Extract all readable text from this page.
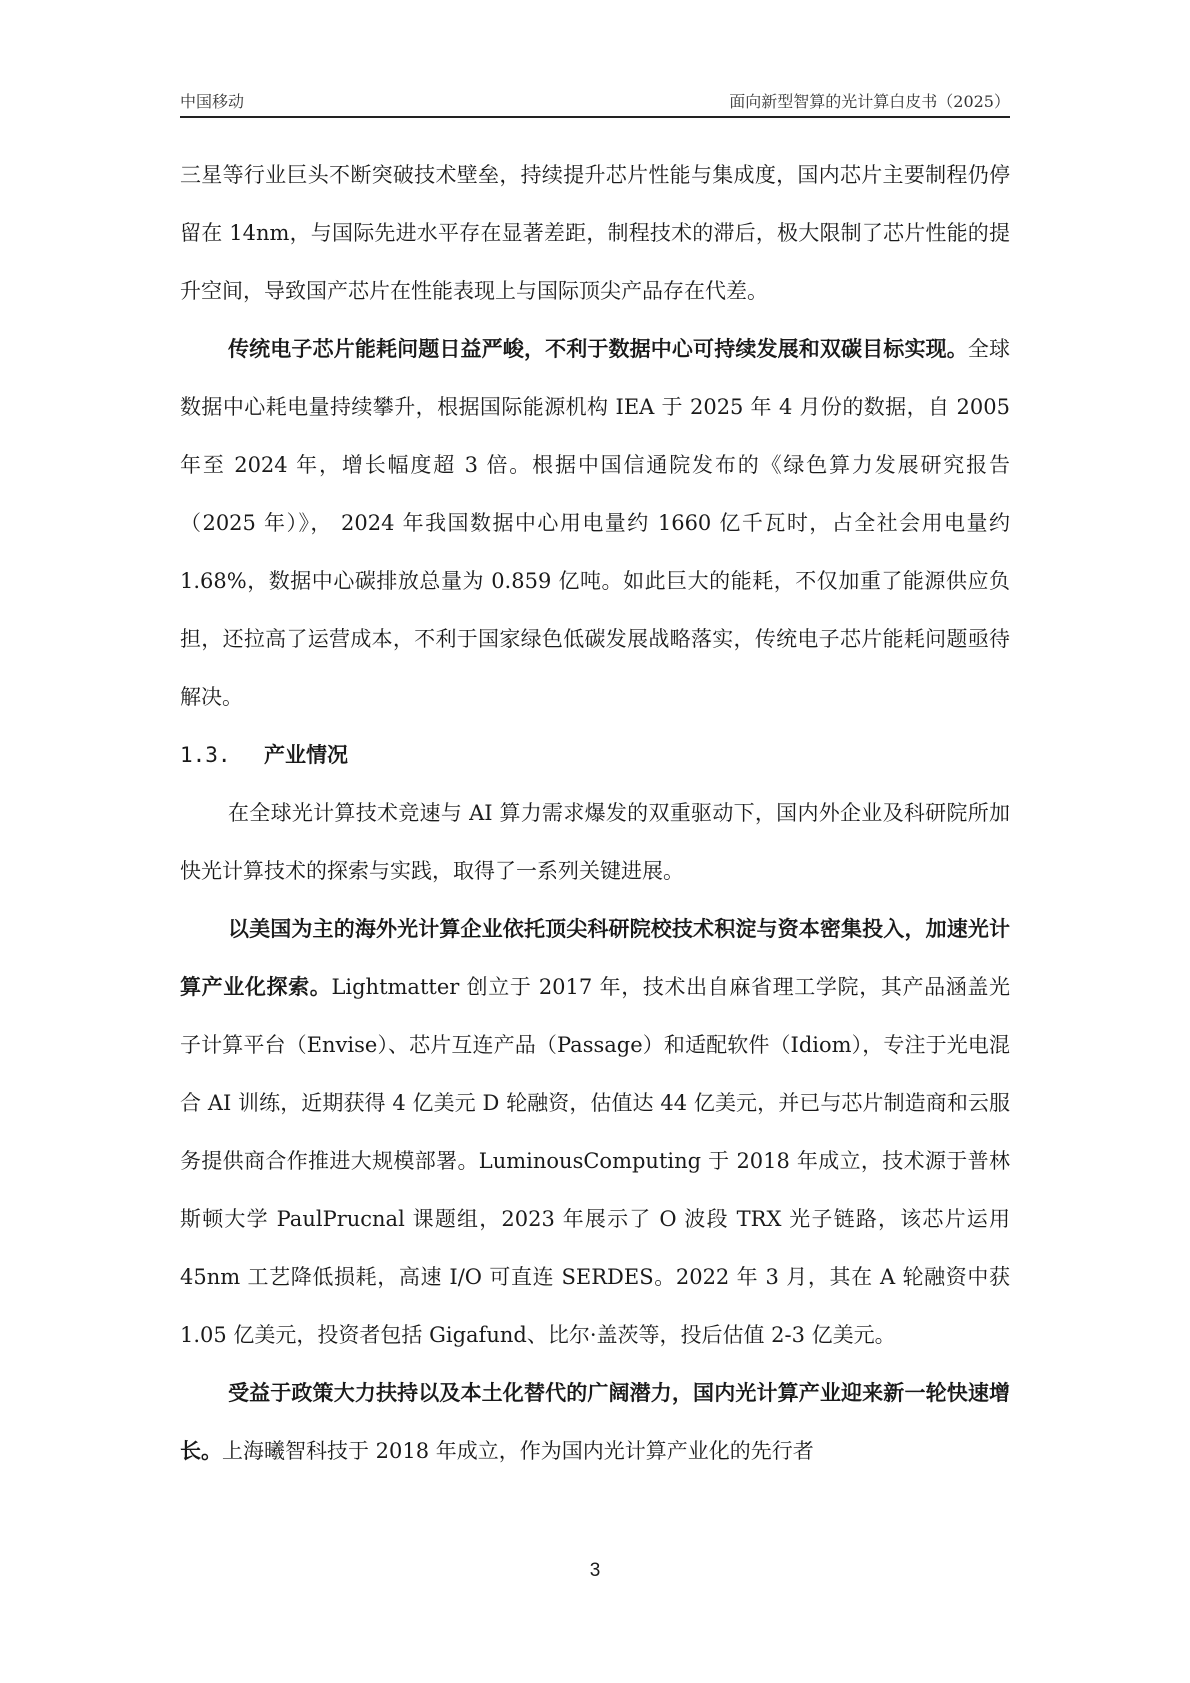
中国移动	面向新型智算的光计算白皮书（2025）

三星等行业巨头不断突破技术壁垒，持续提升芯片性能与集成度，国内芯片主要制程仍停留在 14nm，与国际先进水平存在显著差距，制程技术的滞后，极大限制了芯片性能的提升空间，导致国产芯片在性能表现上与国际顶尖产品存在代差。

传统电子芯片能耗问题日益严峻，不利于数据中心可持续发展和双碳目标实现。全球数据中心耗电量持续攀升，根据国际能源机构 IEA 于 2025 年 4 月份的数据，自 2005 年至 2024 年，增长幅度超 3 倍。根据中国信通院发布的《绿色算力发展研究报告（2025 年）》， 2024 年我国数据中心用电量约 1660 亿千瓦时，占全社会用电量约 1.68%，数据中心碳排放总量为 0.859 亿吨。如此巨大的能耗，不仅加重了能源供应负担，还拉高了运营成本，不利于国家绿色低碳发展战略落实，传统电子芯片能耗问题亟待解决。

1.3.	产业情况

在全球光计算技术竞速与 AI 算力需求爆发的双重驱动下，国内外企业及科研院所加快光计算技术的探索与实践，取得了一系列关键进展。

以美国为主的海外光计算企业依托顶尖科研院校技术积淀与资本密集投入，加速光计算产业化探索。Lightmatter 创立于 2017 年，技术出自麻省理工学院，其产品涵盖光子计算平台（Envise）、芯片互连产品（Passage）和适配软件（Idiom），专注于光电混合 AI 训练，近期获得 4 亿美元 D 轮融资，估值达 44 亿美元，并已与芯片制造商和云服务提供商合作推进大规模部署。LuminousComputing 于 2018 年成立，技术源于普林斯顿大学 PaulPrucnal 课题组，2023 年展示了 O 波段 TRX 光子链路，该芯片运用 45nm 工艺降低损耗，高速 I/O 可直连 SERDES。2022 年 3 月，其在 A 轮融资中获 1.05 亿美元，投资者包括 Gigafund、比尔·盖茨等，投后估值 2-3 亿美元。

受益于政策大力扶持以及本土化替代的广阔潜力，国内光计算产业迎来新一轮快速增长。上海曦智科技于 2018 年成立，作为国内光计算产业化的先行者

3
